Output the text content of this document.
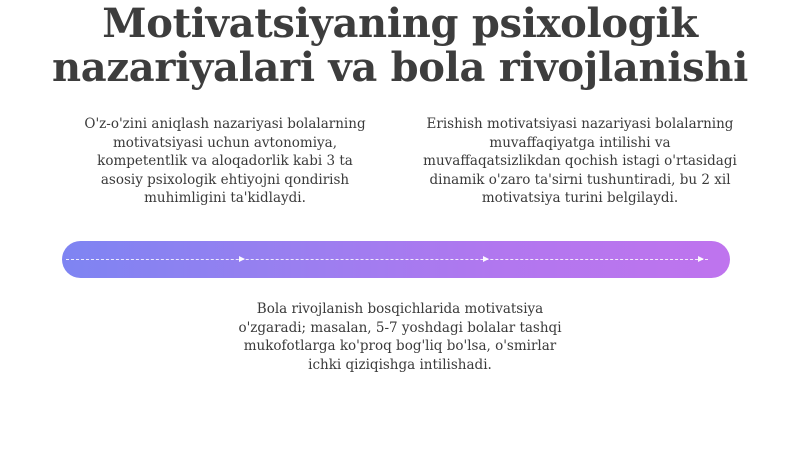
Motivatsiyaning psixologik
nazariyalari va bola rivojlanishi
O'z-o'zini aniqlash nazariyasi bolalarning motivatsiyasi uchun avtonomiya, kompetentlik va aloqadorlik kabi 3 ta asosiy psixologik ehtiyojni qondirish muhimligini ta'kidlaydi.
Erishish motivatsiyasi nazariyasi bolalarning muvaffaqiyatga intilishi va muvaffaqatsizlikdan qochish istagi o'rtasidagi dinamik o'zaro ta'sirni tushuntiradi, bu 2 xil motivatsiya turini belgilaydi.
Bola rivojlanish bosqichlarida motivatsiya o'zgaradi; masalan, 5-7 yoshdagi bolalar tashqi mukofotlarga ko'proq bog'liq bo'lsa, o'smirlar ichki qiziqishga intilishadi.
